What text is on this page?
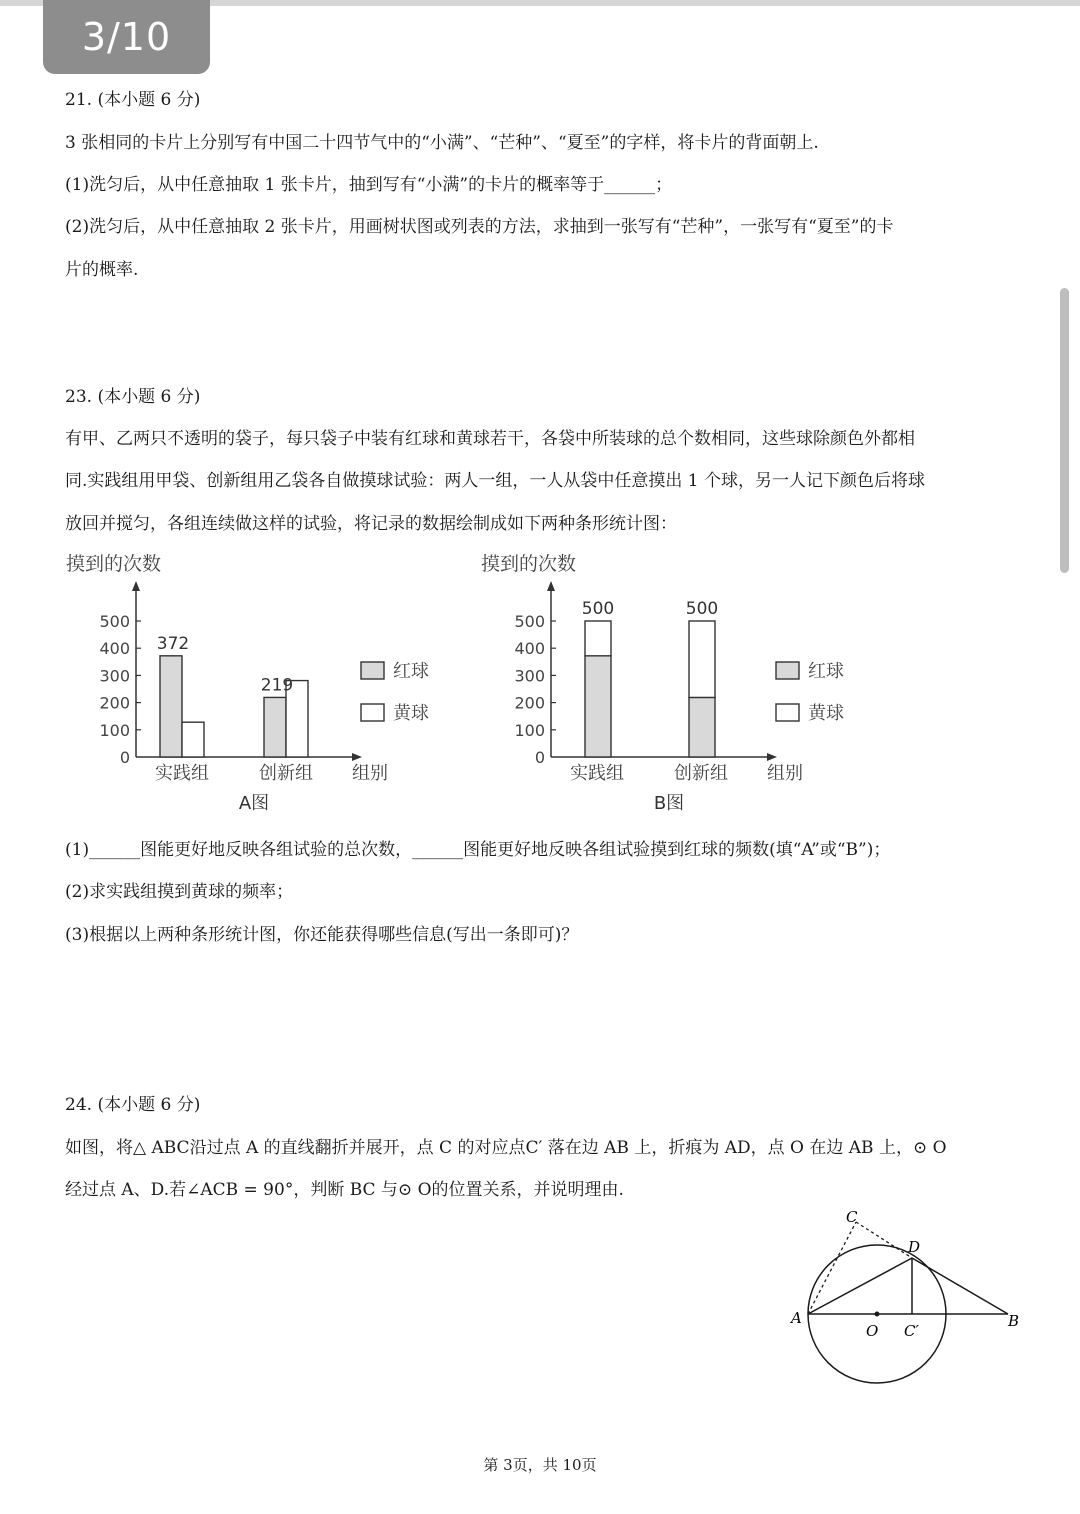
3/10
21. (本小题 6 分)
3 张相同的卡片上分别写有中国二十四节气中的“小满”、“芒种”、“夏至”的字样，将卡片的背面朝上.
(1)洗匀后，从中任意抽取 1 张卡片，抽到写有“小满”的卡片的概率等于______；
(2)洗匀后，从中任意抽取 2 张卡片，用画树状图或列表的方法，求抽到一张写有“芒种”，一张写有“夏至”的卡
片的概率.
23. (本小题 6 分)
有甲、乙两只不透明的袋子，每只袋子中装有红球和黄球若干，各袋中所装球的总个数相同，这些球除颜色外都相
同.实践组用甲袋、创新组用乙袋各自做摸球试验：两人一组，一人从袋中任意摸出 1 个球，另一人记下颜色后将球
放回并搅匀，各组连续做这样的试验，将记录的数据绘制成如下两种条形统计图：
摸到的次数
0
100
200
300
400
500
372
实践组
219
创新组 组别
A图
红球
黄球
摸到的次数
0
100
200
300
400
500
500
实践组
500
创新组 组别
B图
红球
黄球
(1)______图能更好地反映各组试验的总次数，______图能更好地反映各组试验摸到红球的频数(填“A”或“B”)；
(2)求实践组摸到黄球的频率；
(3)根据以上两种条形统计图，你还能获得哪些信息(写出一条即可)？
24. (本小题 6 分)
如图，将△ ABC沿过点 A 的直线翻折并展开，点 C 的对应点C′ 落在边 AB 上，折痕为 AD，点 O 在边 AB 上，⊙ O
经过点 A、D.若∠ACB = 90°，判断 BC 与⊙ O的位置关系，并说明理由.
C
D
A
O C′
B
第 3页，共 10页
